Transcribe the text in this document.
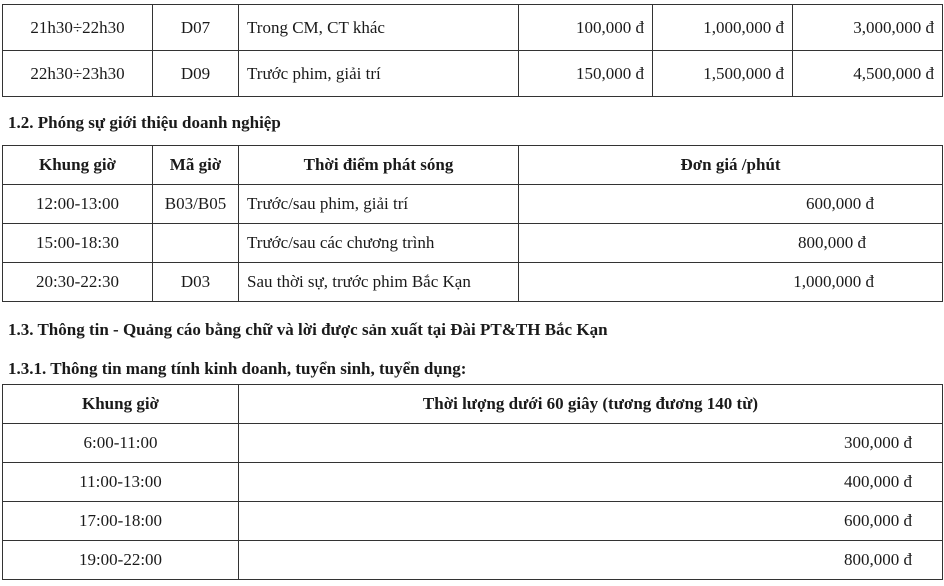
21h30÷22h30	D07	Trong CM, CT khác	100,000 đ	1,000,000 đ	3,000,000 đ
22h30÷23h30	D09	Trước phim, giải trí	150,000 đ	1,500,000 đ	4,500,000 đ
1.2. Phóng sự giới thiệu doanh nghiệp
Khung giờ	Mã giờ	Thời điểm phát sóng	Đơn giá /phút
12:00-13:00	B03/B05	Trước/sau phim, giải trí	600,000 đ
15:00-18:30		Trước/sau các chương trình	800,000 đ
20:30-22:30	D03	Sau thời sự, trước phim Bắc Kạn	1,000,000 đ
1.3. Thông tin - Quảng cáo bằng chữ và lời được sản xuất tại Đài PT&TH Bắc Kạn
1.3.1. Thông tin mang tính kinh doanh, tuyển sinh, tuyển dụng:
Khung giờ	Thời lượng dưới 60 giây (tương đương 140 từ)
6:00-11:00	300,000 đ
11:00-13:00	400,000 đ
17:00-18:00	600,000 đ
19:00-22:00	800,000 đ
